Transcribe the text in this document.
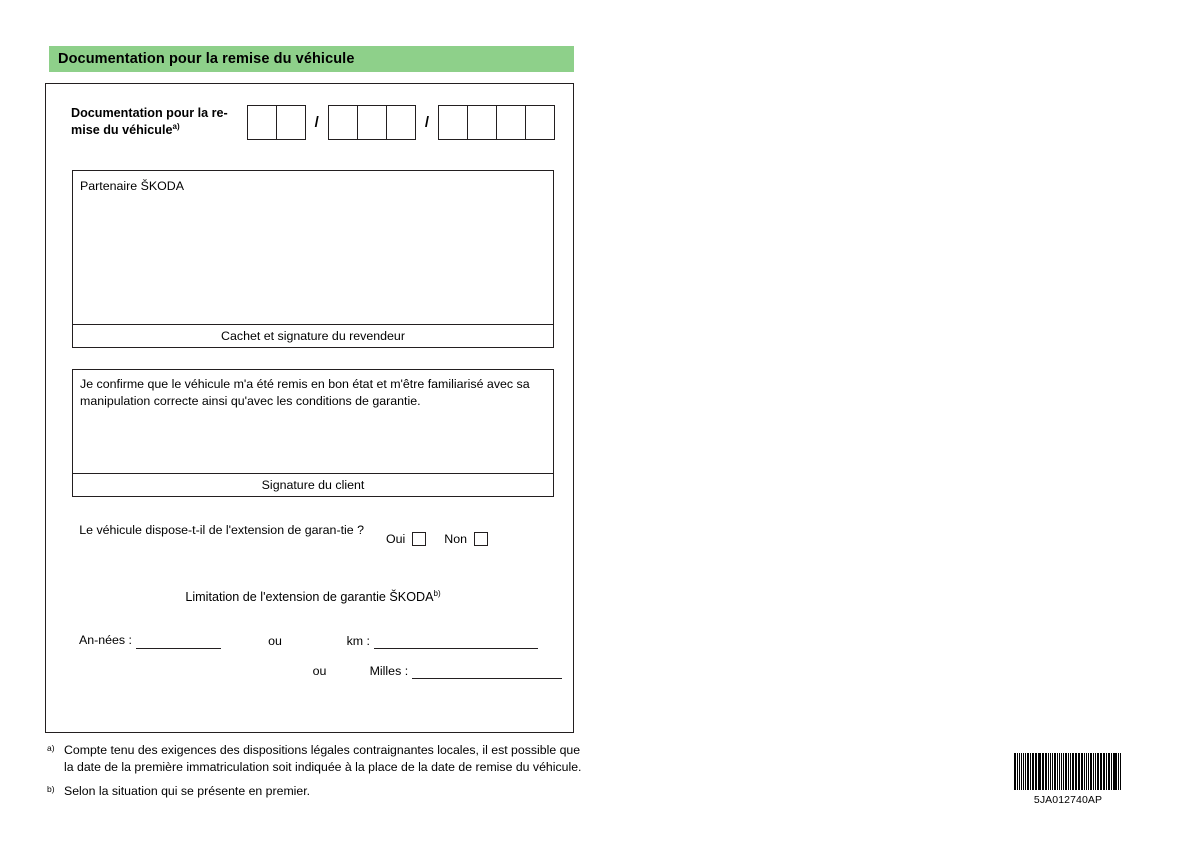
Documentation pour la remise du véhicule
Documentation pour la re-mise du véhicule$^{a)}$	/	/
Partenaire ŠKODA
Cachet et signature du revendeur
Je confirme que le véhicule m'a été remis en bon état et m'être familiarisé avec sa manipulation correcte ainsi qu'avec les conditions de garantie.
Signature du client
Le véhicule dispose-t-il de l'extension de garan-tie ?
Oui	Non
Limitation de l'extension de garantie ŠKODA$^{b)}$
An-nées :	ou	km :
ou	Milles :
a) Compte tenu des exigences des dispositions légales contraignantes locales, il est possible que la date de la première immatriculation soit indiquée à la place de la date de remise du véhicule.
b) Selon la situation qui se présente en premier.
5JA012740AP
